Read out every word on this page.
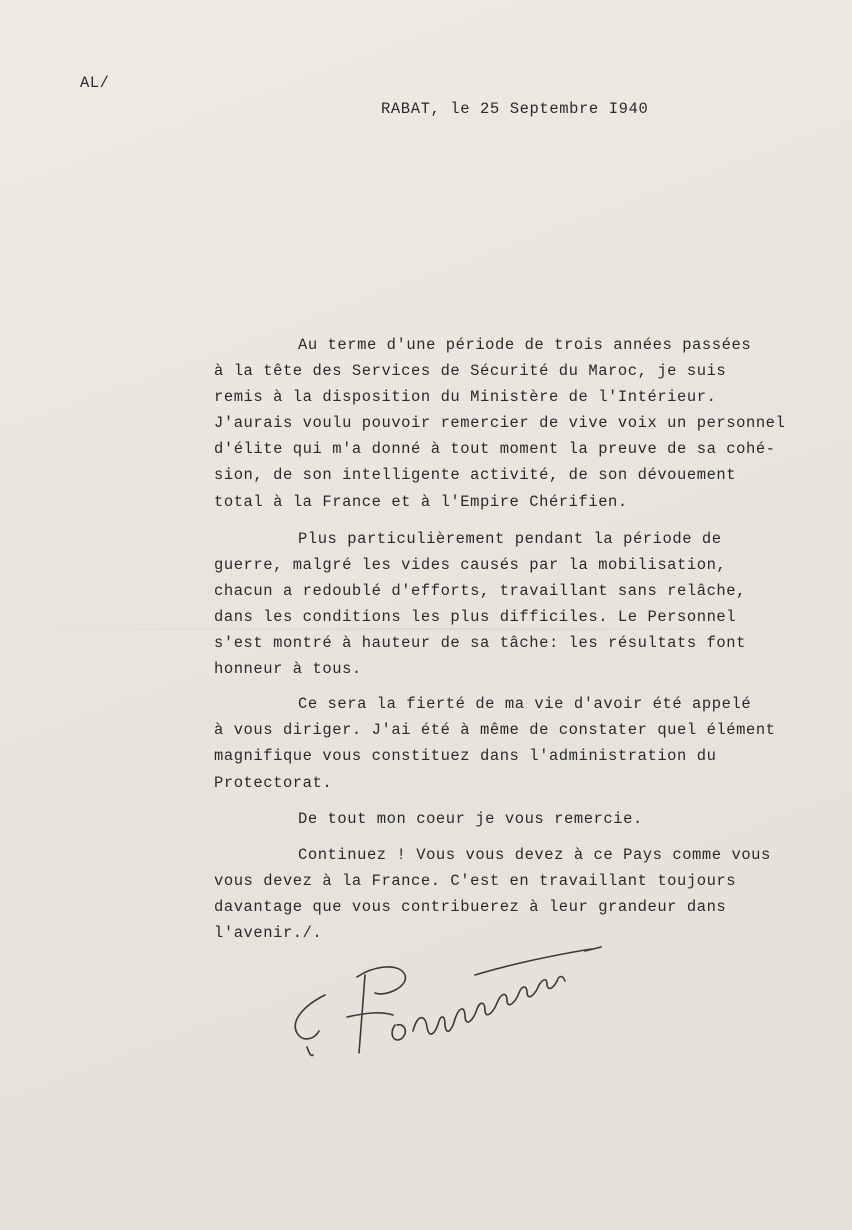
AL/
RABAT, le 25 Septembre I940
Au terme d'une période de trois années passées
à la tête des Services de Sécurité du Maroc, je suis
remis à la disposition du Ministère de l'Intérieur.
J'aurais voulu pouvoir remercier de vive voix un personnel
d'élite qui m'a donné à tout moment la preuve de sa cohé-
sion, de son intelligente activité, de son dévouement
total à la France et à l'Empire Chérifien.
Plus particulièrement pendant la période de
guerre, malgré les vides causés par la mobilisation,
chacun a redoublé d'efforts, travaillant sans relâche,
dans les conditions les plus difficiles. Le Personnel
s'est montré à hauteur de sa tâche: les résultats font
honneur à tous.
Ce sera la fierté de ma vie d'avoir été appelé
à vous diriger. J'ai été à même de constater quel élément
magnifique vous constituez dans l'administration du
Protectorat.
De tout mon coeur je vous remercie.
Continuez ! Vous vous devez à ce Pays comme vous
vous devez à la France. C'est en travaillant toujours
davantage que vous contribuerez à leur grandeur dans
l'avenir./.
